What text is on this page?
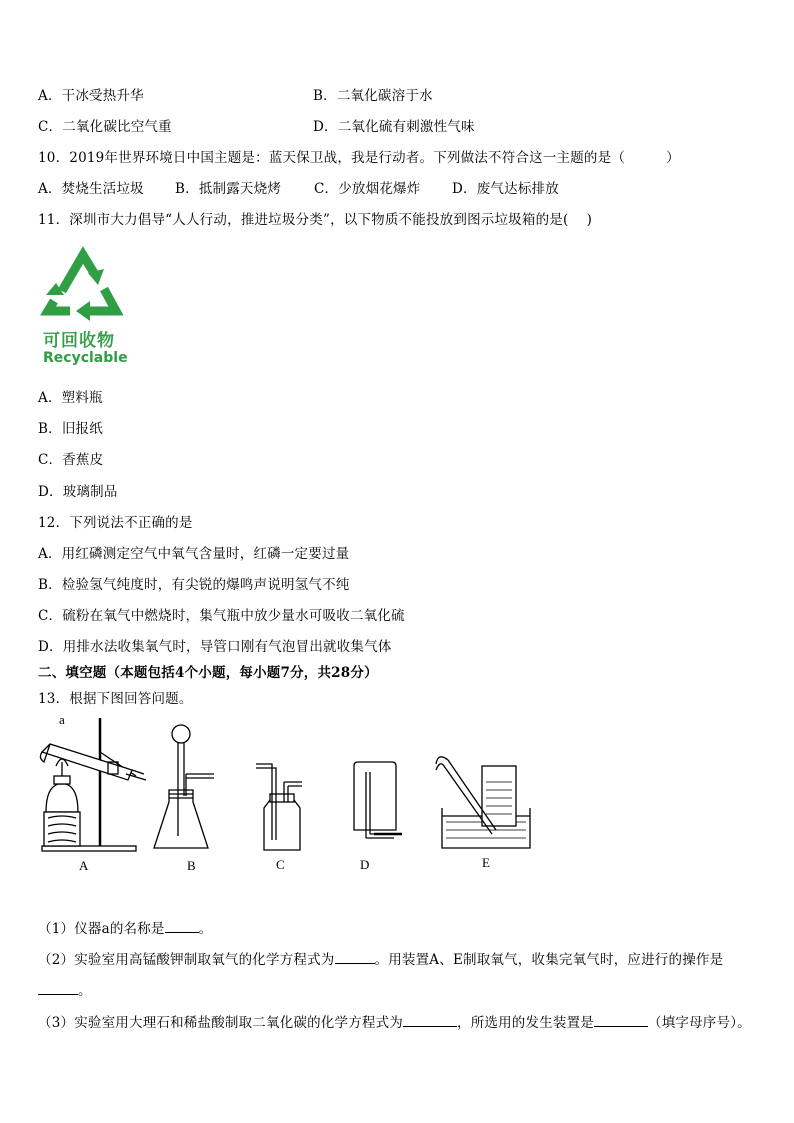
A．干冰受热升华	B．二氧化碳溶于水
C．二氧化碳比空气重	D．二氧化硫有刺激性气味
10．2019年世界环境日中国主题是：蓝天保卫战，我是行动者。下列做法不符合这一主题的是（　　　）
A．焚烧生活垃圾 B．抵制露天烧烤 C．少放烟花爆炸 D．废气达标排放
11．深圳市大力倡导“人人行动，推进垃圾分类”，以下物质不能投放到图示垃圾箱的是(　 )
可回收物
Recyclable
A．塑料瓶
B．旧报纸
C．香蕉皮
D．玻璃制品
12．下列说法不正确的是
A．用红磷测定空气中氧气含量时，红磷一定要过量
B．检验氢气纯度时，有尖锐的爆鸣声说明氢气不纯
C．硫粉在氧气中燃烧时，集气瓶中放少量水可吸收二氧化硫
D．用排水法收集氧气时，导管口刚有气泡冒出就收集气体
二、填空题（本题包括4个小题，每小题7分，共28分）
13．根据下图回答问题。
a
A	B	C	D	E
（1）仪器a的名称是	。
（2）实验室用高锰酸钾制取氧气的化学方程式为	。用装置A、E制取氧气，收集完氧气时，应进行的操作是
。
（3）实验室用大理石和稀盐酸制取二氧化碳的化学方程式为	，所选用的发生装置是	（填字母序号）。
